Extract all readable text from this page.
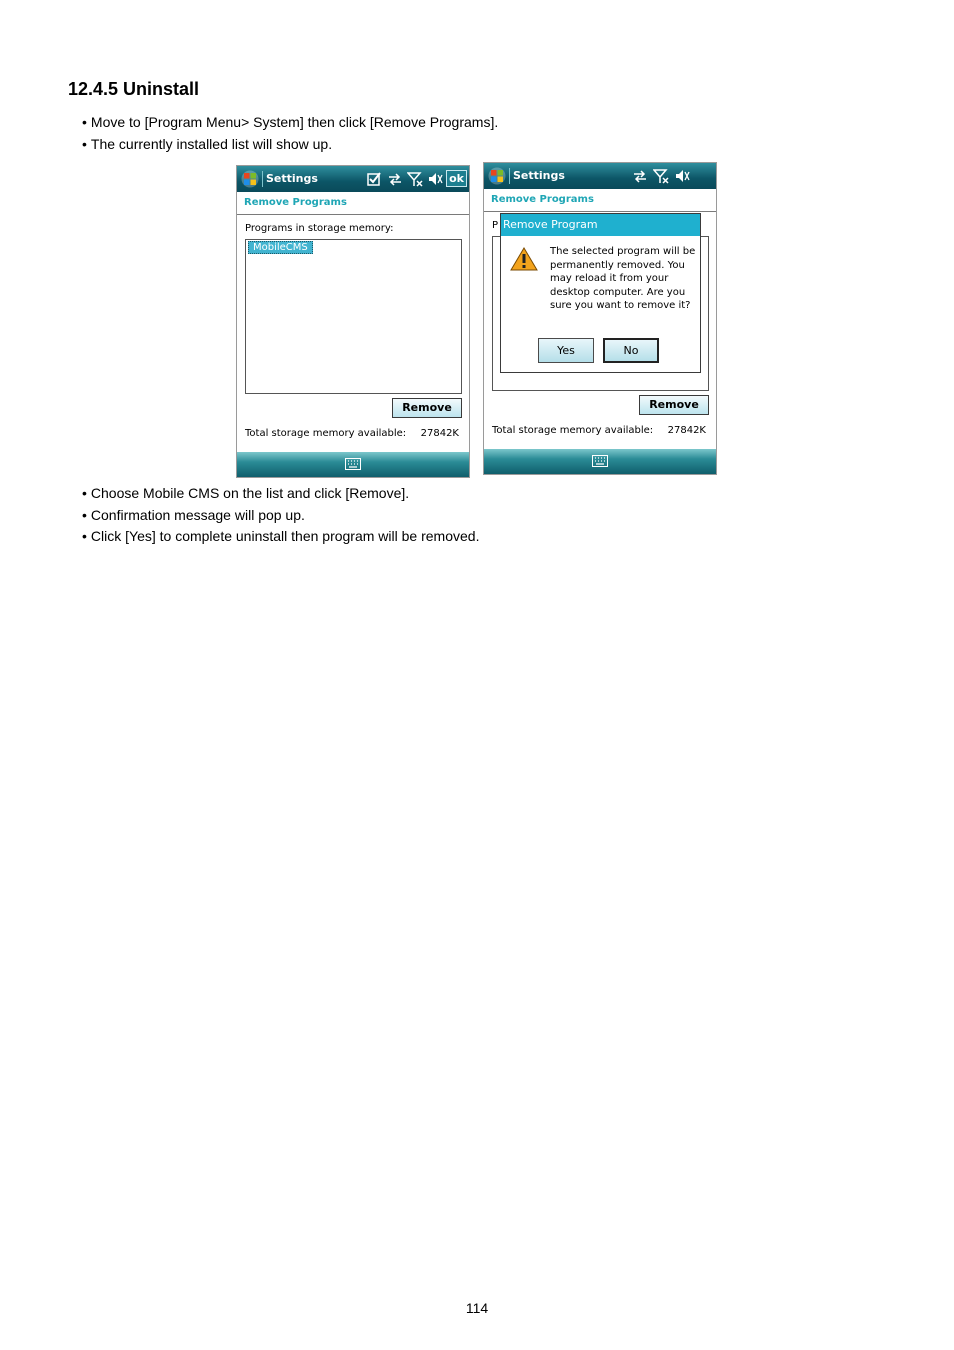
12.4.5 Uninstall
• Move to [Program Menu> System] then click [Remove Programs].
• The currently installed list will show up.
Settings	ok
Remove Programs
Programs in storage memory:
MobileCMS
Remove
Total storage memory available: 27842K
Settings
Remove Programs
P Remove Program
The selected program will be permanently removed. You may reload it from your desktop computer. Are you sure you want to remove it?
Yes	No
Remove
Total storage memory available: 27842K
• Choose Mobile CMS on the list and click [Remove].
• Confirmation message will pop up.
• Click [Yes] to complete uninstall then program will be removed.
114
